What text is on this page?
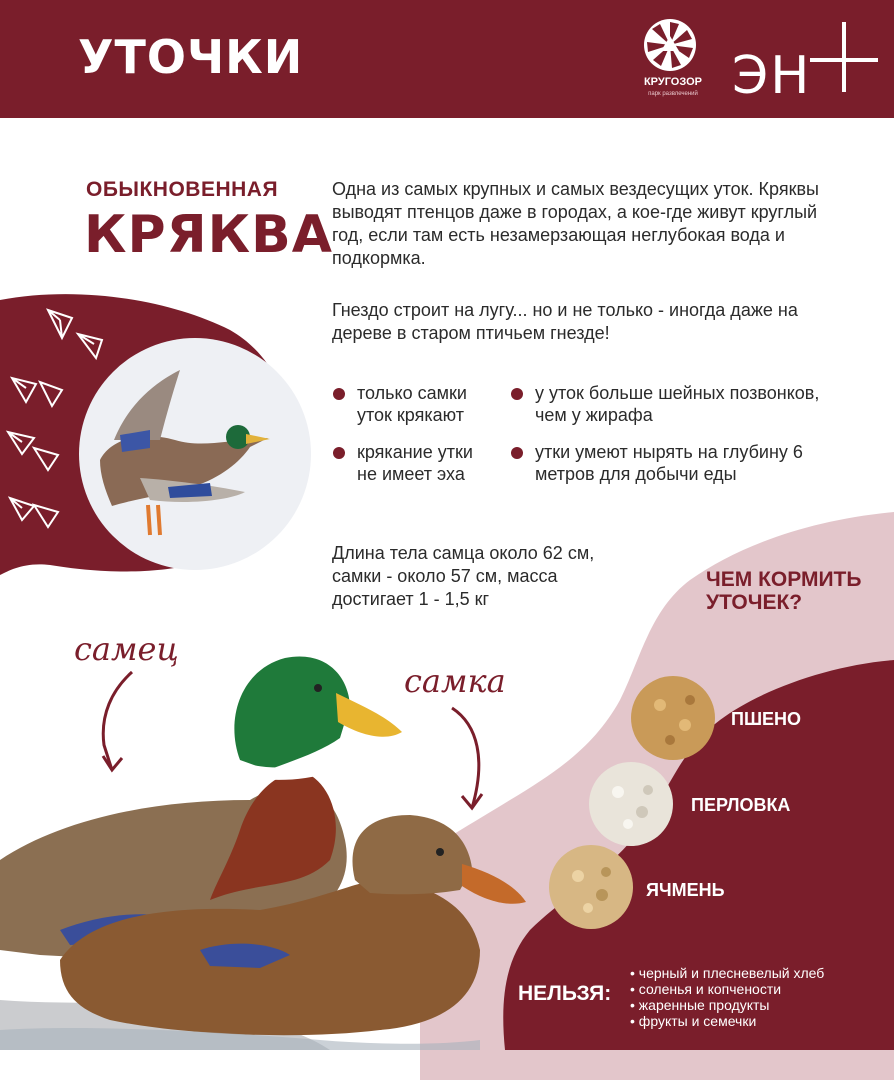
УТОЧКИ	КРУГОЗОР
парк развлечений ЭН
ОБЫКНОВЕННАЯ
КРЯКВА
Одна из самых крупных и самых вездесущих уток. Кряквы выводят птенцов даже в городах, а кое-где живут круглый год, если там есть незамерзающая неглубокая вода и подкормка.
Гнездо строит на лугу... но и не только - иногда даже на дереве в старом птичьем гнезде!
только самки уток крякают
у уток больше шейных позвонков, чем у жирафа
крякание утки не имеет эха
утки умеют нырять на глубину 6 метров для добычи еды
Длина тела самца около 62 см, самки - около 57 см, масса достигает 1 - 1,5 кг
самец
самка
ЧЕМ КОРМИТЬ УТОЧЕК?
ПШЕНО
ПЕРЛОВКА
ЯЧМЕНЬ
НЕЛЬЗЯ:
• черный и плесневелый хлеб
• соленья и копчености
• жаренные продукты
• фрукты и семечки
